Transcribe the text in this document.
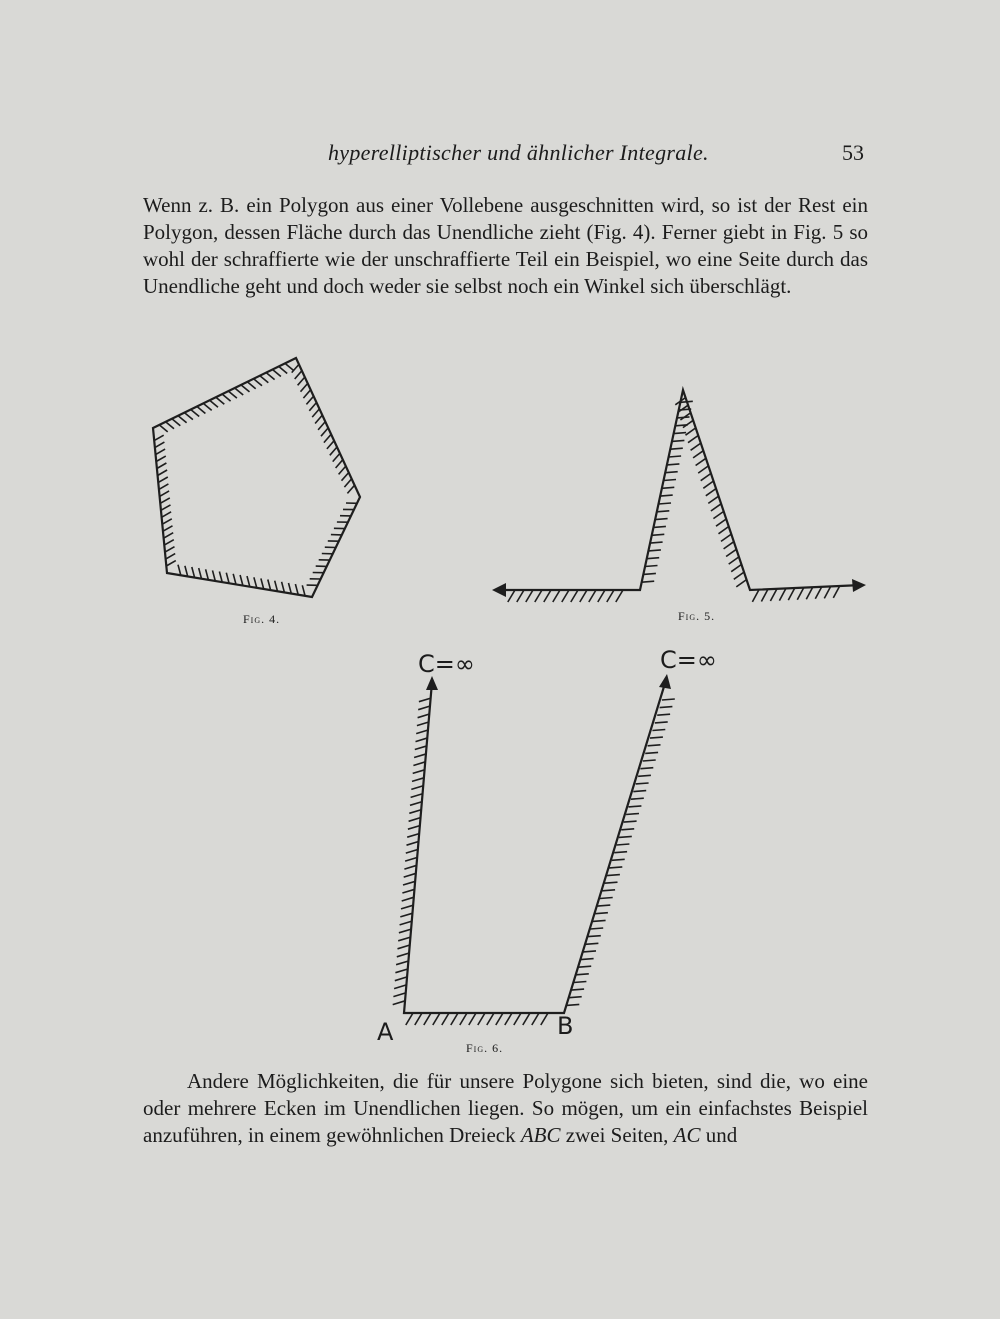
hyperelliptischer und ähnlicher Integrale.	53

Wenn z. B. ein Polygon aus einer Vollebene ausgeschnitten wird, so ist der Rest ein Polygon, dessen Fläche durch das Unendliche zieht (Fig. 4). Ferner giebt in Fig. 5 so wohl der schraffierte wie der unschraffierte Teil ein Beispiel, wo eine Seite durch das Unendliche geht und doch weder sie selbst noch ein Winkel sich überschlägt.

Fig. 4.	Fig. 5.
Fig. 6.
C=∞	C=∞
A	B

Andere Möglichkeiten, die für unsere Polygone sich bieten, sind die, wo eine oder mehrere Ecken im Unendlichen liegen. So mögen, um ein einfachstes Beispiel anzuführen, in einem gewöhnlichen Dreieck ABC zwei Seiten, AC und
